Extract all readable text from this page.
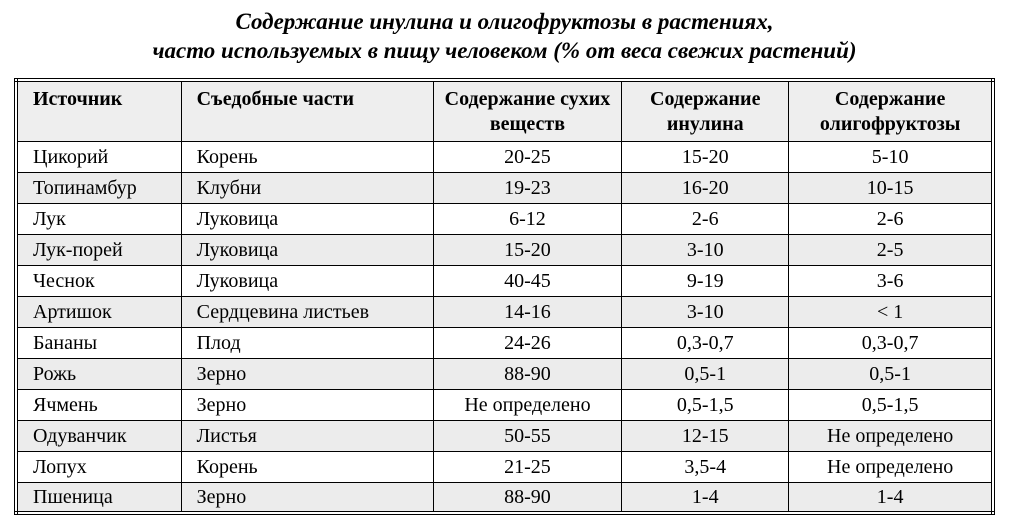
Содержание инулина и олигофруктозы в растениях,
часто используемых в пищу человеком (% от веса свежих растений)
Источник	Съедобные части	Содержание сухих веществ	Содержание инулина	Содержание олигофруктозы
Цикорий	Корень	20-25	15-20	5-10
Топинамбур	Клубни	19-23	16-20	10-15
Лук	Луковица	6-12	2-6	2-6
Лук-порей	Луковица	15-20	3-10	2-5
Чеснок	Луковица	40-45	9-19	3-6
Артишок	Сердцевина листьев	14-16	3-10	< 1
Бананы	Плод	24-26	0,3-0,7	0,3-0,7
Рожь	Зерно	88-90	0,5-1	0,5-1
Ячмень	Зерно	Не определено	0,5-1,5	0,5-1,5
Одуванчик	Листья	50-55	12-15	Не определено
Лопух	Корень	21-25	3,5-4	Не определено
Пшеница	Зерно	88-90	1-4	1-4
